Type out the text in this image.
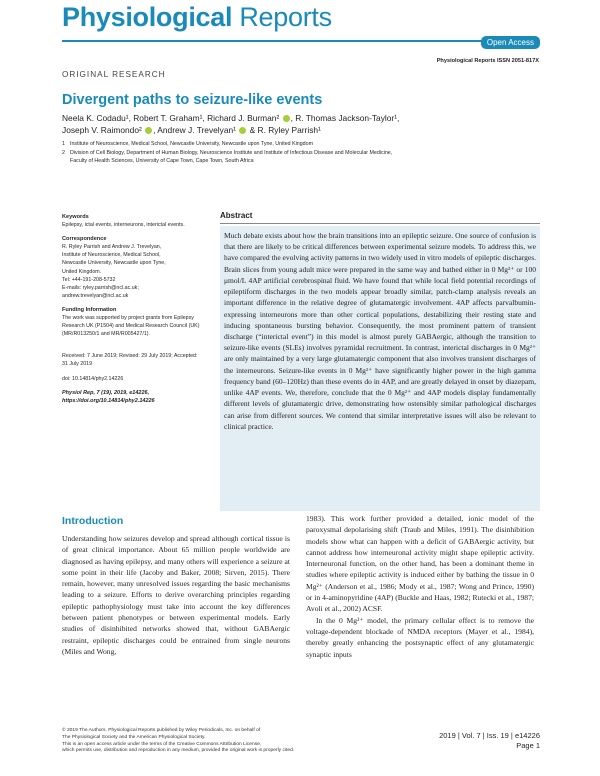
Physiological Reports
Open Access
Physiological Reports ISSN 2051-817X
ORIGINAL RESEARCH
Divergent paths to seizure-like events
Neela K. Codadu¹, Robert T. Graham¹, Richard J. Burman² , R. Thomas Jackson-Taylor¹,
Joseph V. Raimondo² , Andrew J. Trevelyan¹ & R. Ryley Parrish¹
1 Institute of Neuroscience, Medical School, Newcastle University, Newcastle upon Tyne, United Kingdom
2 Division of Cell Biology, Department of Human Biology, Neuroscience Institute and Institute of Infectious Disease and Molecular Medicine,
Faculty of Health Sciences, University of Cape Town, Cape Town, South Africa

Keywords

Epilepsy, ictal events, interneurons, interictal events.

Correspondence

R. Ryley Parrish and Andrew J. Trevelyan,

Institute of Neuroscience, Medical School,

Newcastle University, Newcastle upon Tyne,

United Kingdom.

Tel: +44-191-208-5732

E-mails: ryley.parrish@ncl.ac.uk;

andrew.trevelyan@ncl.ac.uk

Funding Information

The work was supported by project grants from Epilepsy Research UK (P1504) and Medical Research Council (UK) (MR/R013250/1 and MR/R005427/1).

Received: 7 June 2019; Revised: 29 July 2019; Accepted: 31 July 2019

doi: 10.14814/phy2.14226

Physiol Rep, 7 (19), 2019, e14226, https://doi.org/10.14814/phy2.14226

Abstract
Much debate exists about how the brain transitions into an epileptic seizure. One source of confusion is that there are likely to be critical differences between experimental seizure models. To address this, we have compared the evolving activity patterns in two widely used in vitro models of epileptic discharges. Brain slices from young adult mice were prepared in the same way and bathed either in 0 Mg²⁺ or 100 μmol/L 4AP artificial cerebrospinal fluid. We have found that while local field potential recordings of epileptiform discharges in the two models appear broadly similar, patch-clamp analysis reveals an important difference in the relative degree of glutamatergic involvement. 4AP affects parvalbumin-expressing interneurons more than other cortical populations, destabilizing their resting state and inducing spontaneous bursting behavior. Consequently, the most prominent pattern of transient discharge (“interictal event”) in this model is almost purely GABAergic, although the transition to seizure-like events (SLEs) involves pyramidal recruitment. In contrast, interictal discharges in 0 Mg²⁺ are only maintained by a very large glutamatergic component that also involves transient discharges of the interneurons. Seizure-like events in 0 Mg²⁺ have significantly higher power in the high gamma frequency band (60–120Hz) than these events do in 4AP, and are greatly delayed in onset by diazepam, unlike 4AP events. We, therefore, conclude that the 0 Mg²⁺ and 4AP models display fundamentally different levels of glutamatergic drive, demonstrating how ostensibly similar pathological discharges can arise from different sources. We contend that similar interpretative issues will also be relevant to clinical practice.
Introduction

Understanding how seizures develop and spread although cortical tissue is of great clinical importance. About 65 million people worldwide are diagnosed as having epilepsy, and many others will experience a seizure at some point in their life (Jacoby and Baker, 2008; Sirven, 2015). There remain, however, many unresolved issues regarding the basic mechanisms leading to a seizure. Efforts to derive overarching principles regarding epileptic pathophysiology must take into account the key differences between patient phenotypes or between experimental models. Early studies of disinhibited networks showed that, without GABAergic restraint, epileptic discharges could be entrained from single neurons (Miles and Wong,

1983). This work further provided a detailed, ionic model of the paroxysmal depolarising shift (Traub and Miles, 1991). The disinhibition models show what can happen with a deficit of GABAergic activity, but cannot address how interneuronal activity might shape epileptic activity. Interneuronal function, on the other hand, has been a dominant theme in studies where epileptic activity is induced either by bathing the tissue in 0 Mg²⁺ (Anderson et al., 1986; Mody et al., 1987; Wong and Prince, 1990) or in 4-aminopyridine (4AP) (Buckle and Haas, 1982; Rutecki et al., 1987; Avoli et al., 2002) ACSF.

In the 0 Mg²⁺ model, the primary cellular effect is to remove the voltage-dependent blockade of NMDA receptors (Mayer et al., 1984), thereby greatly enhancing the postsynaptic effect of any glutamatergic synaptic inputs

© 2019 The Authors. Physiological Reports published by Wiley Periodicals, Inc. on behalf of

The Physiological Society and the American Physiological Society.

This is an open access article under the terms of the Creative Commons Attribution License,

which permits use, distribution and reproduction in any medium, provided the original work is properly cited.

2019 | Vol. 7 | Iss. 19 | e14226
Page 1
